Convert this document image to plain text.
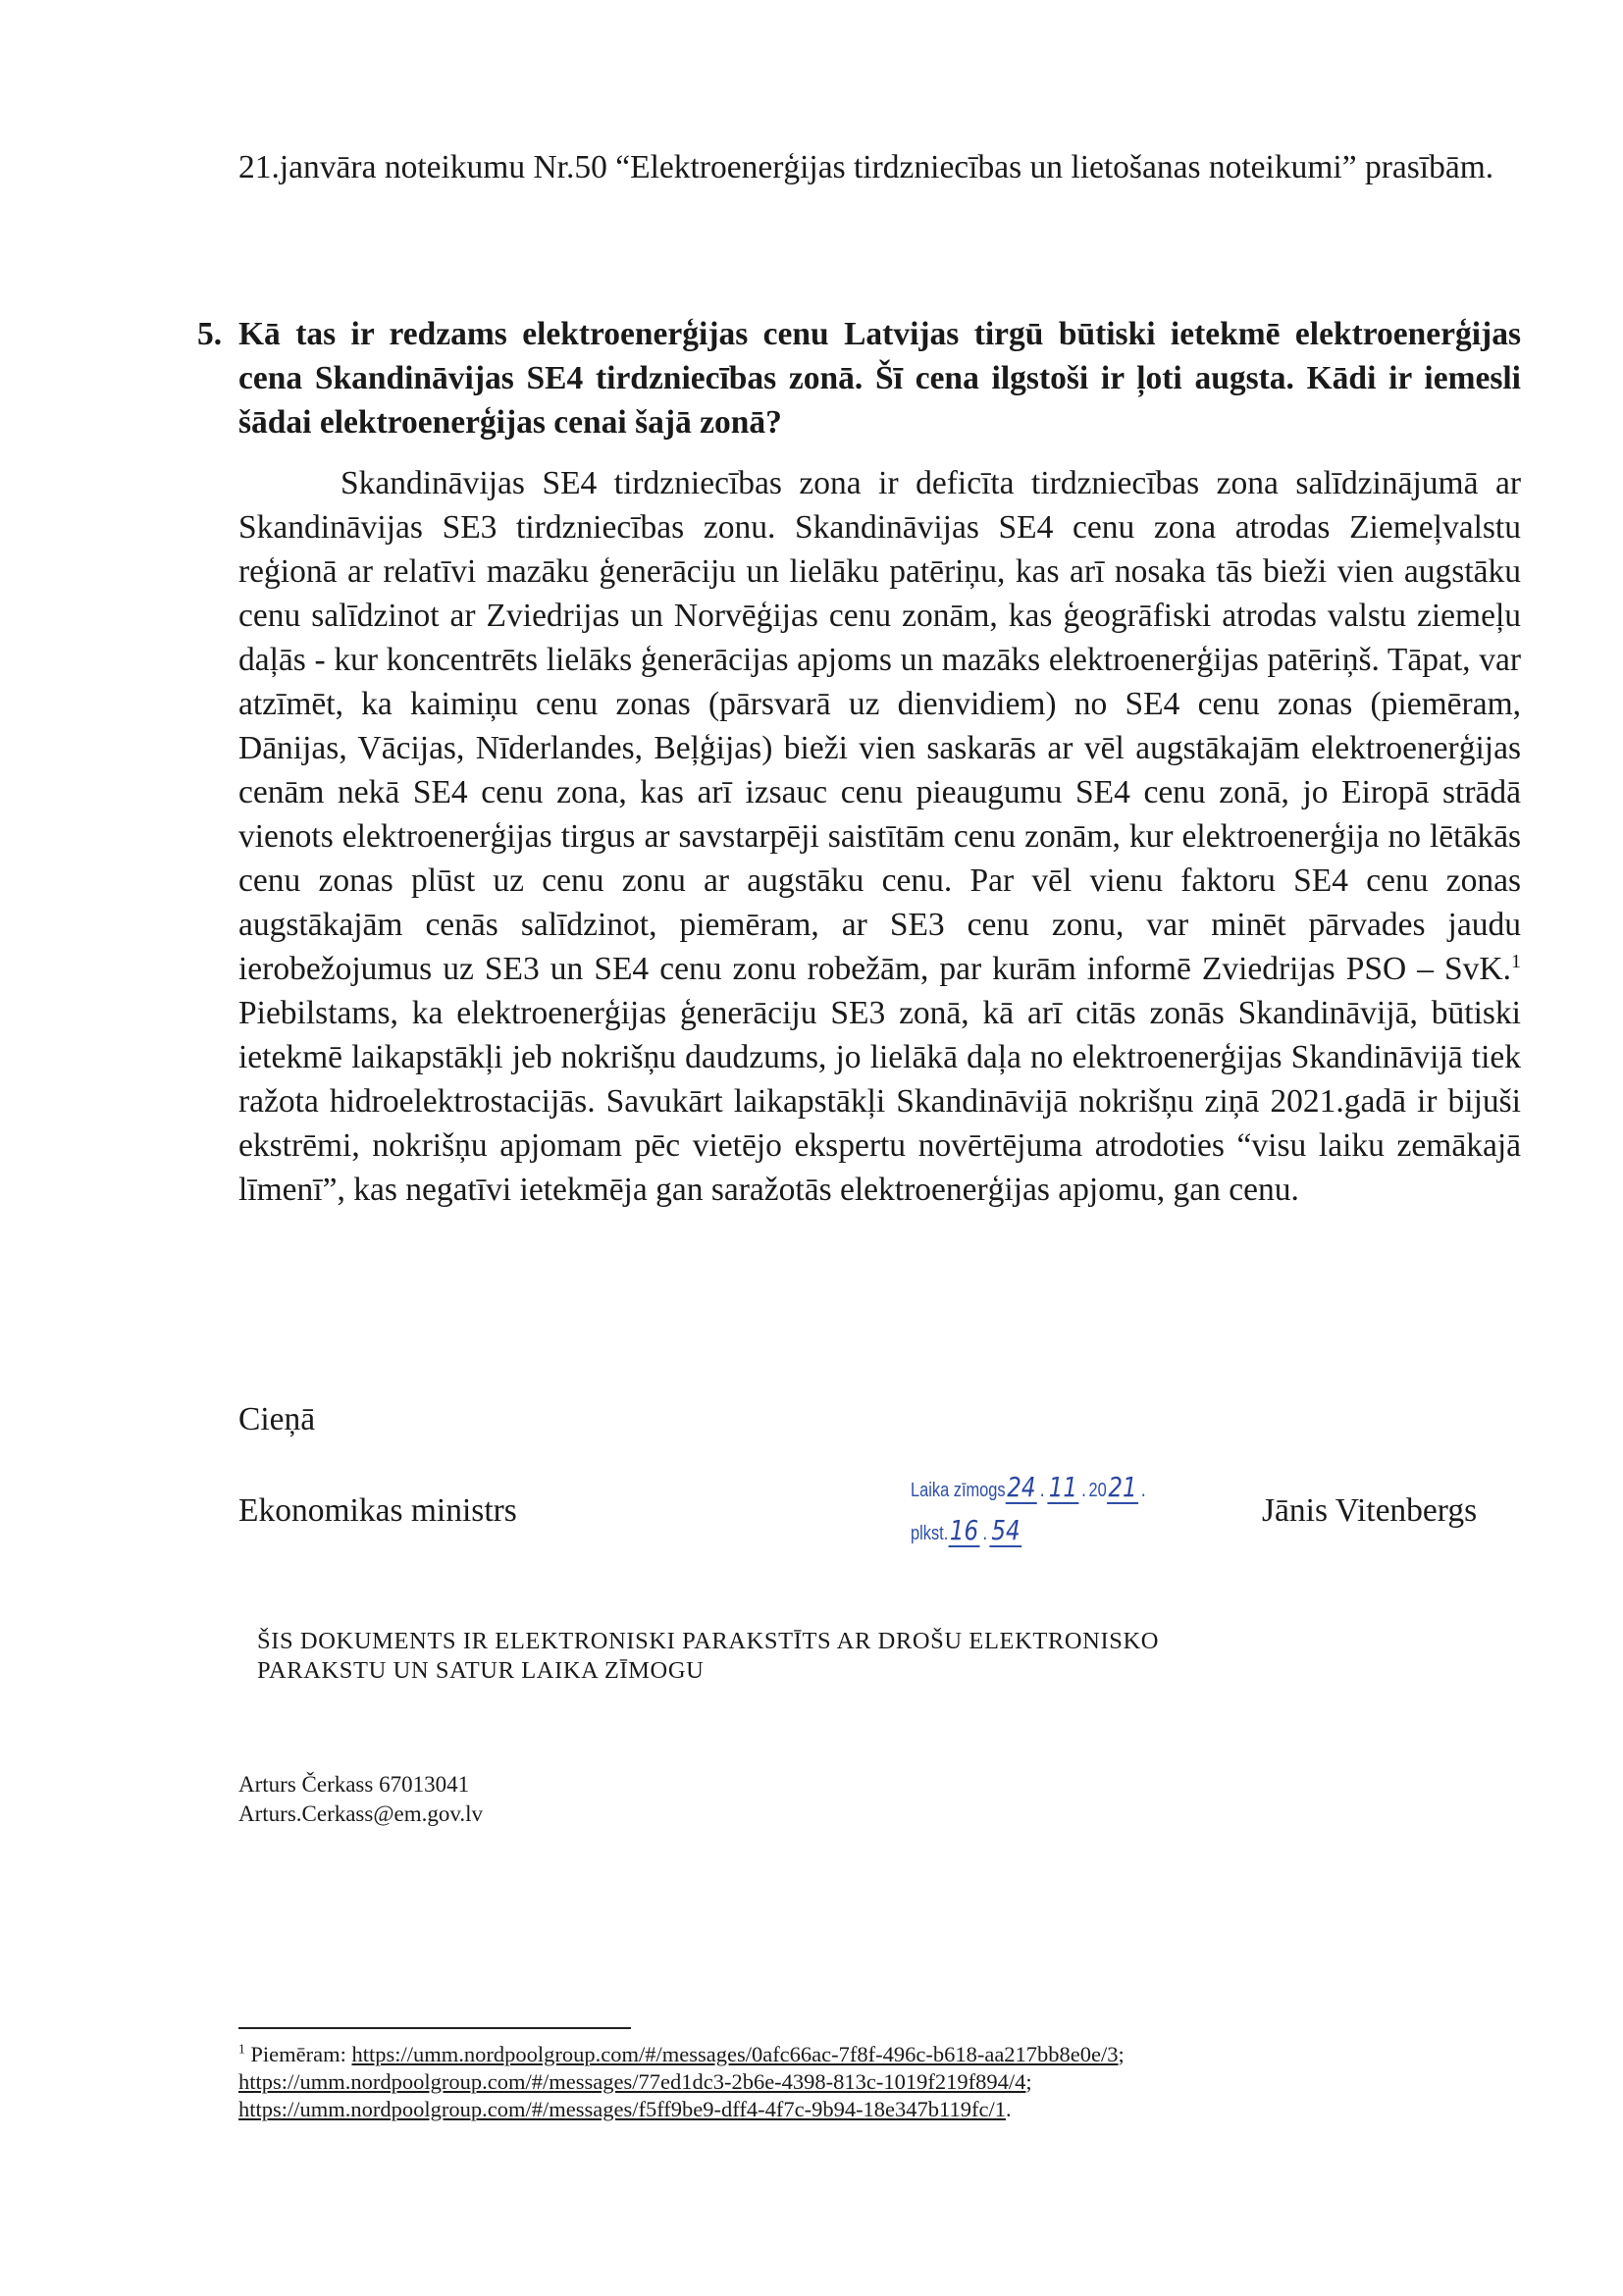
21.janvāra noteikumu Nr.50 “Elektroenerģijas tirdzniecības un lietošanas noteikumi” prasībām.

5. Kā tas ir redzams elektroenerģijas cenu Latvijas tirgū būtiski ietekmē elektroenerģijas cena Skandināvijas SE4 tirdzniecības zonā. Šī cena ilgstoši ir ļoti augsta. Kādi ir iemesli šādai elektroenerģijas cenai šajā zonā?

Skandināvijas SE4 tirdzniecības zona ir deficīta tirdzniecības zona salīdzinājumā ar Skandināvijas SE3 tirdzniecības zonu. Skandināvijas SE4 cenu zona atrodas Ziemeļvalstu reģionā ar relatīvi mazāku ģenerāciju un lielāku patēriņu, kas arī nosaka tās bieži vien augstāku cenu salīdzinot ar Zviedrijas un Norvēģijas cenu zonām, kas ģeogrāfiski atrodas valstu ziemeļu daļās - kur koncentrēts lielāks ģenerācijas apjoms un mazāks elektroenerģijas patēriņš. Tāpat, var atzīmēt, ka kaimiņu cenu zonas (pārsvarā uz dienvidiem) no SE4 cenu zonas (piemēram, Dānijas, Vācijas, Nīderlandes, Beļģijas) bieži vien saskarās ar vēl augstākajām elektroenerģijas cenām nekā SE4 cenu zona, kas arī izsauc cenu pieaugumu SE4 cenu zonā, jo Eiropā strādā vienots elektroenerģijas tirgus ar savstarpēji saistītām cenu zonām, kur elektroenerģija no lētākās cenu zonas plūst uz cenu zonu ar augstāku cenu. Par vēl vienu faktoru SE4 cenu zonas augstākajām cenās salīdzinot, piemēram, ar SE3 cenu zonu, var minēt pārvades jaudu ierobežojumus uz SE3 un SE4 cenu zonu robežām, par kurām informē Zviedrijas PSO – SvK.$^1$ Piebilstams, ka elektroenerģijas ģenerāciju SE3 zonā, kā arī citās zonās Skandināvijā, būtiski ietekmē laikapstākļi jeb nokrišņu daudzums, jo lielākā daļa no elektroenerģijas Skandināvijā tiek ražota hidroelektrostacijās. Savukārt laikapstākļi Skandināvijā nokrišņu ziņā 2021.gadā ir bijuši ekstrēmi, nokrišņu apjomam pēc vietējo ekspertu novērtējuma atrodoties “visu laiku zemākajā līmenī”, kas negatīvi ietekmēja gan saražotās elektroenerģijas apjomu, gan cenu.

Cieņā

Ekonomikas ministrs	Jānis Vitenbergs

Laika zīmogs24 . 11 . 2021 .
plkst.16 . 54
ŠIS DOKUMENTS IR ELEKTRONISKI PARAKSTĪTS AR DROŠU ELEKTRONISKO
PARAKSTU UN SATUR LAIKA ZĪMOGU
Arturs Čerkass 67013041
Arturs.Cerkass@em.gov.lv
$^1$ Piemēram: https://umm.nordpoolgroup.com/#/messages/0afc66ac-7f8f-496c-b618-aa217bb8e0e/3;
https://umm.nordpoolgroup.com/#/messages/77ed1dc3-2b6e-4398-813c-1019f219f894/4;
https://umm.nordpoolgroup.com/#/messages/f5ff9be9-dff4-4f7c-9b94-18e347b119fc/1.
